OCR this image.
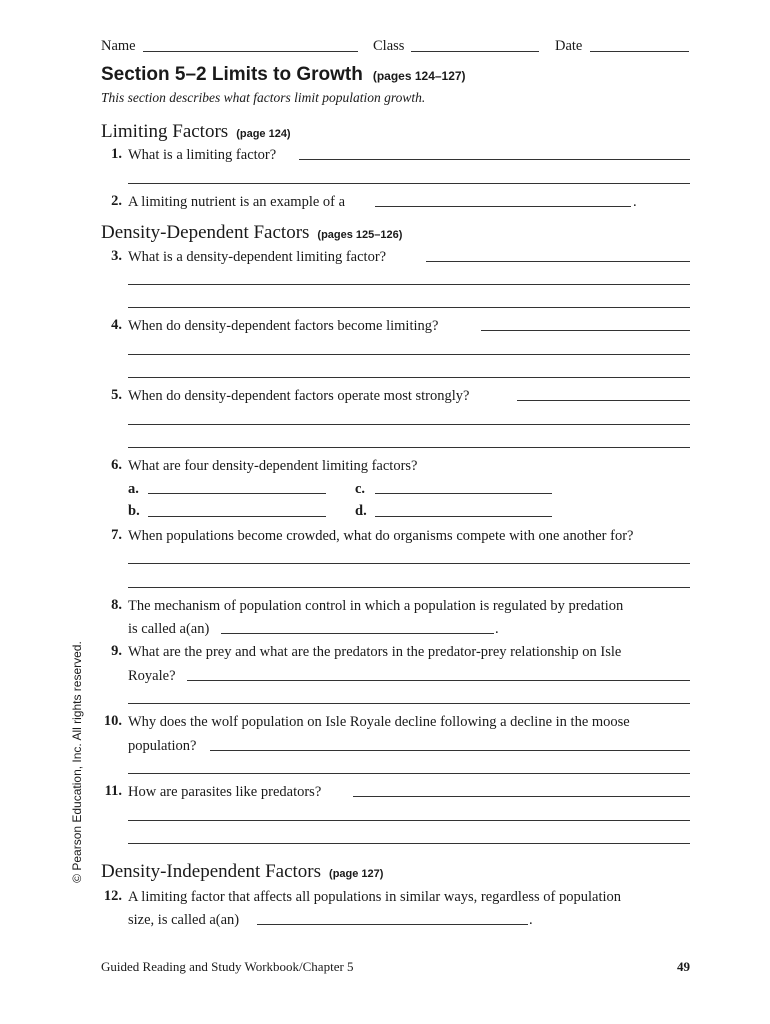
Name	Class	Date
Section 5–2 Limits to Growth (pages 124–127)
This section describes what factors limit population growth.
Limiting Factors (page 124)
1. What is a limiting factor?
2. A limiting nutrient is an example of a	.
Density-Dependent Factors (pages 125–126)
3. What is a density-dependent limiting factor?
4. When do density-dependent factors become limiting?
5. When do density-dependent factors operate most strongly?
6. What are four density-dependent limiting factors?
a.	c.
b.	d.
7. When populations become crowded, what do organisms compete with one another for?
8. The mechanism of population control in which a population is regulated by predation
is called a(an)	.
9. What are the prey and what are the predators in the predator-prey relationship on Isle
Royale?
10. Why does the wolf population on Isle Royale decline following a decline in the moose
population?
11. How are parasites like predators?
Density-Independent Factors (page 127)
12. A limiting factor that affects all populations in similar ways, regardless of population
size, is called a(an)	.
Guided Reading and Study Workbook/Chapter 5	49
© Pearson Education, Inc. All rights reserved.
